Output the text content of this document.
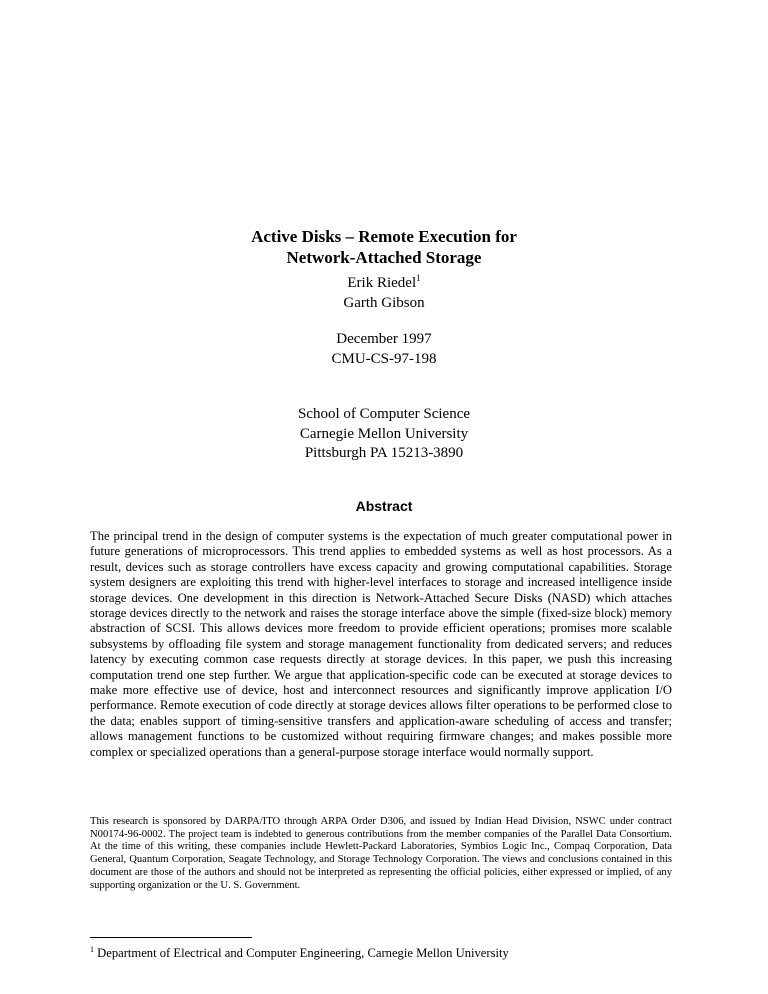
Active Disks – Remote Execution for
Network-Attached Storage
Erik Riedel$^1$
Garth Gibson
December 1997
CMU-CS-97-198
School of Computer Science
Carnegie Mellon University
Pittsburgh PA 15213-3890
Abstract

The principal trend in the design of computer systems is the expectation of much greater computational power in future generations of microprocessors. This trend applies to embedded systems as well as host processors. As a result, devices such as storage controllers have excess capacity and growing computational capabilities. Storage system designers are exploiting this trend with higher-level interfaces to storage and increased intelligence inside storage devices. One development in this direction is Network-Attached Secure Disks (NASD) which attaches storage devices directly to the network and raises the storage interface above the simple (fixed-size block) memory abstraction of SCSI. This allows devices more freedom to provide efficient operations; promises more scalable subsystems by offloading file system and storage management functionality from dedicated servers; and reduces latency by executing common case requests directly at storage devices. In this paper, we push this increasing computation trend one step further. We argue that application-specific code can be executed at storage devices to make more effective use of device, host and interconnect resources and significantly improve application I/O performance. Remote execution of code directly at storage devices allows filter operations to be performed close to the data; enables support of timing-sensitive transfers and application-aware scheduling of access and transfer; allows management functions to be customized without requiring firmware changes; and makes possible more complex or specialized operations than a general-purpose storage interface would normally support.

This research is sponsored by DARPA/ITO through ARPA Order D306, and issued by Indian Head Division, NSWC under contract N00174-96-0002. The project team is indebted to generous contributions from the member companies of the Parallel Data Consortium. At the time of this writing, these companies include Hewlett-Packard Laboratories, Symbios Logic Inc., Compaq Corporation, Data General, Quantum Corporation, Seagate Technology, and Storage Technology Corporation. The views and conclusions contained in this document are those of the authors and should not be interpreted as representing the official policies, either expressed or implied, of any supporting organization or the U. S. Government.

$^1$ Department of Electrical and Computer Engineering, Carnegie Mellon University
